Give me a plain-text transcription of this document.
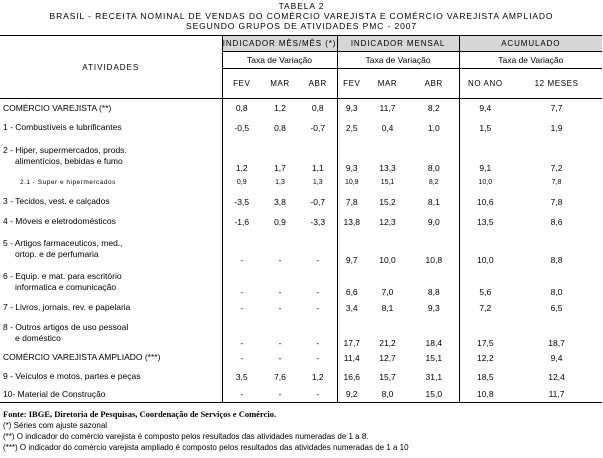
TABELA 2
BRASIL - RECEITA NOMINAL DE VENDAS DO COMÉRCIO VAREJISTA E COMÉRCIO VAREJISTA AMPLIADO
SEGUNDO GRUPOS DE ATIVIDADES PMC - 2007
ATIVIDADES	INDICADOR MÊS/MÊS (*)			INDICADOR MENSAL			ACUMULADO	
	Taxa de Variação			Taxa de Variação			Taxa de Variação	
	FEV	MAR	ABR	FEV	MAR	ABR	NO ANO	12 MESES

COMÉRCIO VAREJISTA (**)	0,8	1,2	0,8	9,3	11,7	8,2	9,4	7,7

1 - Combustíveis e lubrificantes	-0,5	0,8	-0,7	2,5	0,4	1,0	1,5	1,9

2 - Hiper, supermercados, prods.
alimentícios, bebidas e fumo	1,2	1,7	1,1	9,3	13,3	8,0	9,1	7,2

2.1 - Super e hipermercados	0,9	1,3	1,3	10,9	15,1	8,2	10,0	7,8

3 - Tecidos, vest. e calçados	-3,5	3,8	-0,7	7,8	15,2	8,1	10,6	7,8

4 - Móveis e eletrodomésticos	-1,6	0,9	-3,3	13,8	12,3	9,0	13,5	8,6

5 - Artigos farmaceuticos, med.,
ortop. e de perfumaria	-	-	-	9,7	10,0	10,8	10,0	8,8

6 - Equip. e mat. para escritório
informatica e comunicação	-	-	-	6,6	7,0	8,8	5,6	8,0

7 - Livros, jornais, rev. e papelaria	-	-	-	3,4	8,1	9,3	7,2	6,5

8 - Outros artigos de uso pessoal
e doméstico	-	-	-	17,7	21,2	18,4	17,5	18,7

COMÉRCIO VAREJISTA AMPLIADO (***)	-	-	-	11,4	12,7	15,1	12,2	9,4

9 - Veículos e motos, partes e peças	3,5	7,6	1,2	16,6	15,7	31,1	18,5	12,4

10- Material de Construção	-	-	-	9,2	8,0	15,0	10,8	11,7
Fonte: IBGE, Diretoria de Pesquisas, Coordenação de Serviços e Comércio.
(*) Séries com ajuste sazonal
(**) O indicador do comércio varejista é composto pelos resultados das atividades numeradas de 1 a 8.
(***) O indicador do comércio varejista ampliado é composto pelos resultados das atividades numeradas de 1 a 10
